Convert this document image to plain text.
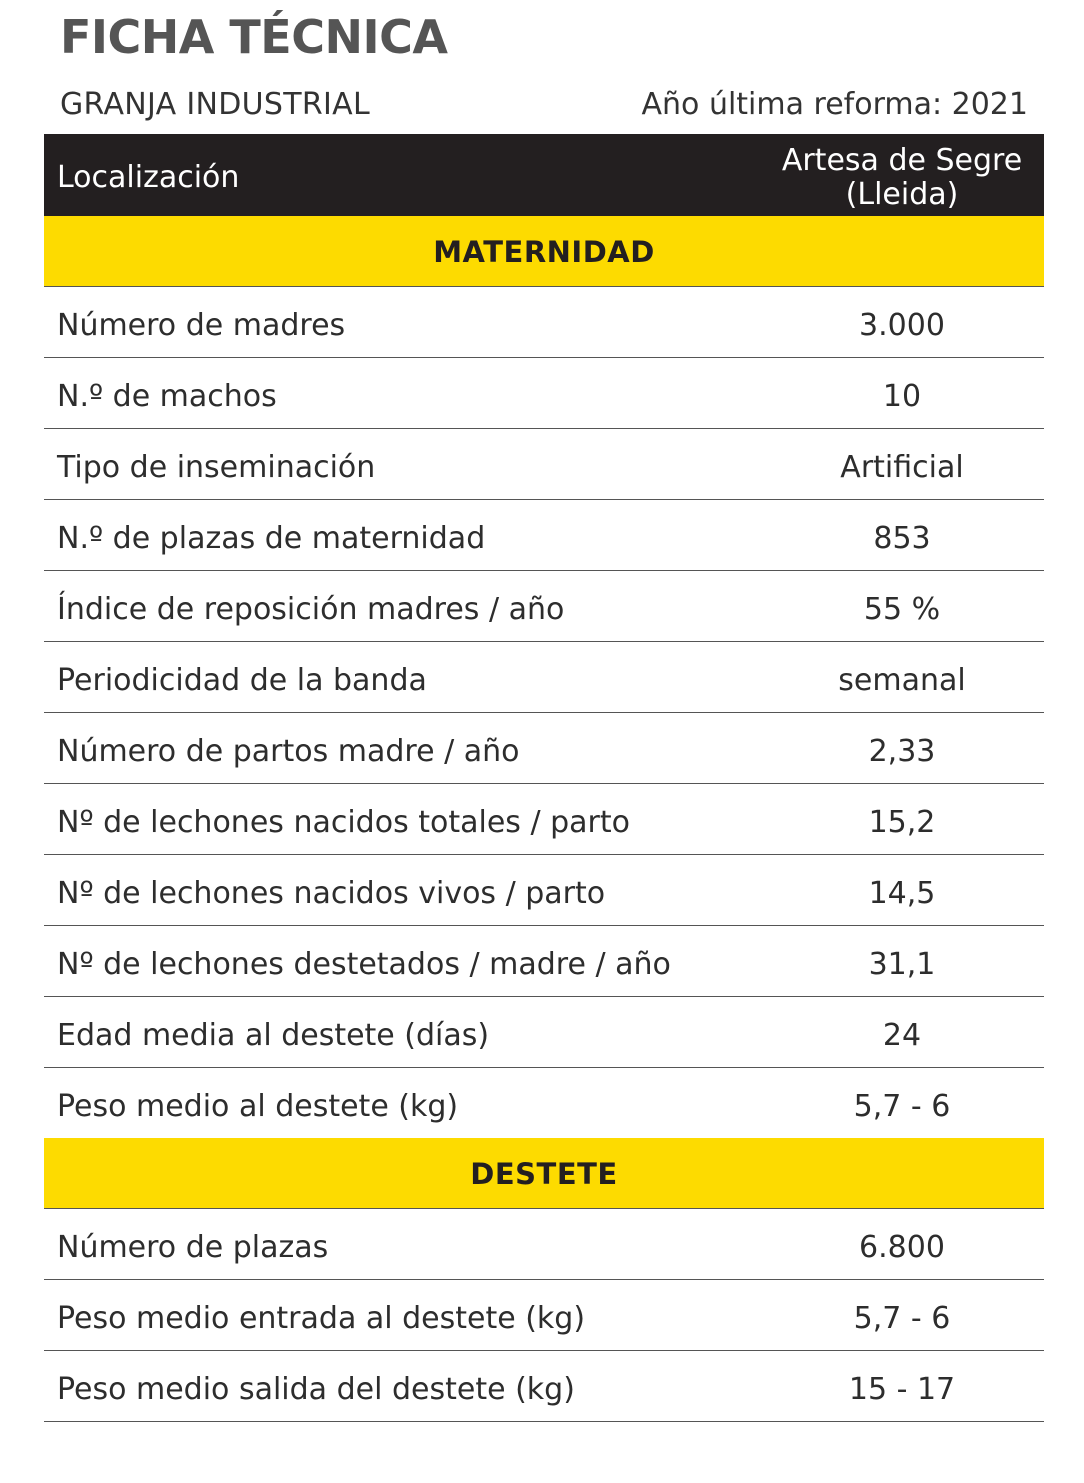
FICHA TÉCNICA
GRANJA INDUSTRIAL	Año última reforma: 2021
Localización	Artesa de Segre
(Lleida)
MATERNIDAD
Número de madres	3.000
N.º de machos	10
Tipo de inseminación	Artificial
N.º de plazas de maternidad	853
Índice de reposición madres / año	55 %
Periodicidad de la banda	semanal
Número de partos madre / año	2,33
Nº de lechones nacidos totales / parto	15,2
Nº de lechones nacidos vivos / parto	14,5
Nº de lechones destetados / madre / año	31,1
Edad media al destete (días)	24
Peso medio al destete (kg)	5,7 - 6
DESTETE
Número de plazas	6.800
Peso medio entrada al destete (kg)	5,7 - 6
Peso medio salida del destete (kg)	15 - 17
